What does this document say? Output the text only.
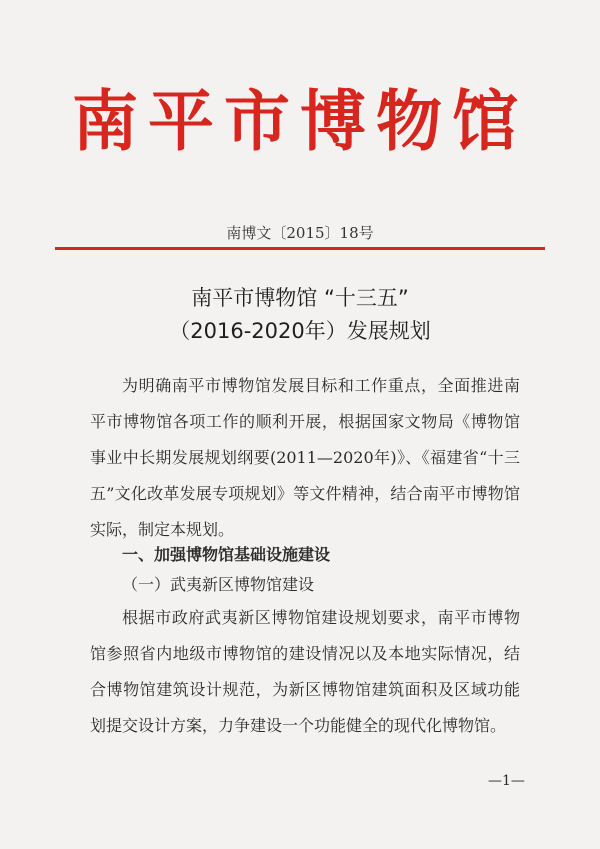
南平市博物馆
南博文〔2015〕18号
南平市博物馆 “十三五”
（2016-2020年）发展规划

为明确南平市博物馆发展目标和工作重点，全面推进南平市博物馆各项工作的顺利开展，根据国家文物局《博物馆事业中长期发展规划纲要(2011—2020年)》、《福建省“十三五”文化改革发展专项规划》等文件精神，结合南平市博物馆实际，制定本规划。

一、加强博物馆基础设施建设
（一）武夷新区博物馆建设

根据市政府武夷新区博物馆建设规划要求，南平市博物馆参照省内地级市博物馆的建设情况以及本地实际情况，结合博物馆建筑设计规范，为新区博物馆建筑面积及区域功能划提交设计方案，力争建设一个功能健全的现代化博物馆。

—1—
